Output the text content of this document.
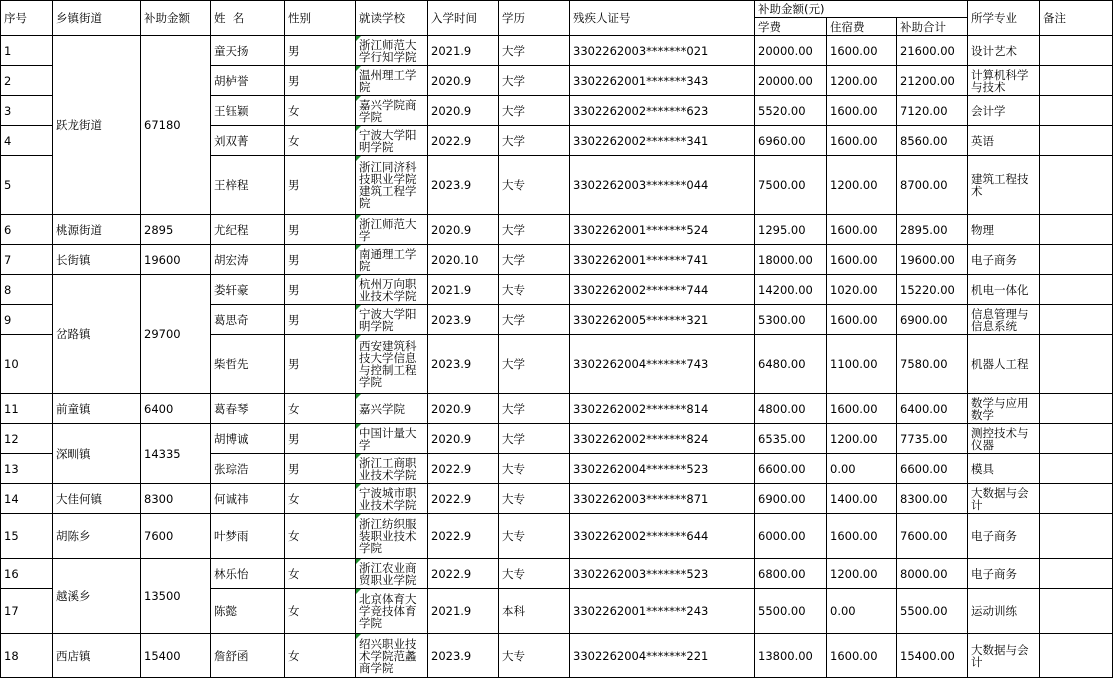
序号	乡镇街道	补助金额	姓  名	性别	就读学校	入学时间	学历	残疾人证号	补助金额(元)			所学专业	备注
									学费	住宿费	补助合计		
1	跃龙街道	67180	童天扬	男	浙江师范大学行知学院	2021.9	大学	3302262003*******021	20000.00	1600.00	21600.00	设计艺术	
2			胡栌誉	男	温州理工学院	2020.9	大学	3302262001*******343	20000.00	1200.00	21200.00	计算机科学与技术	
3			王钰颖	女	嘉兴学院商学院	2020.9	大学	3302262002*******623	5520.00	1600.00	7120.00	会计学	
4			刘双菁	女	宁波大学阳明学院	2022.9	大学	3302262002*******341	6960.00	1600.00	8560.00	英语	
5			王梓程	男	浙江同济科技职业学院建筑工程学院	2023.9	大专	3302262003*******044	7500.00	1200.00	8700.00	建筑工程技术	
6	桃源街道	2895	尤纪程	男	浙江师范大学	2020.9	大学	3302262001*******524	1295.00	1600.00	2895.00	物理	
7	长街镇	19600	胡宏涛	男	南通理工学院	2020.10	大学	3302262001*******741	18000.00	1600.00	19600.00	电子商务	
8	岔路镇	29700	娄轩豪	男	杭州万向职业技术学院	2021.9	大专	3302262002*******744	14200.00	1020.00	15220.00	机电一体化	
9			葛思奇	男	宁波大学阳明学院	2023.9	大学	3302262005*******321	5300.00	1600.00	6900.00	信息管理与信息系统	
10			柴哲先	男	西安建筑科技大学信息与控制工程学院	2023.9	大学	3302262004*******743	6480.00	1100.00	7580.00	机器人工程	
11	前童镇	6400	葛春琴	女	嘉兴学院	2020.9	大学	3302262002*******814	4800.00	1600.00	6400.00	数学与应用数学	
12	深甽镇	14335	胡博诚	男	中国计量大学	2020.9	大学	3302262002*******824	6535.00	1200.00	7735.00	测控技术与仪器	
13			张琮浩	男	浙江工商职业技术学院	2022.9	大专	3302262004*******523	6600.00	0.00	6600.00	模具	
14	大佳何镇	8300	何诚祎	女	宁波城市职业技术学院	2022.9	大专	3302262003*******871	6900.00	1400.00	8300.00	大数据与会计	
15	胡陈乡	7600	叶梦雨	女	浙江纺织服装职业技术学院	2022.9	大专	3302262002*******644	6000.00	1600.00	7600.00	电子商务	
16	越溪乡	13500	林乐怡	女	浙江农业商贸职业学院	2022.9	大专	3302262003*******523	6800.00	1200.00	8000.00	电子商务	
17			陈懿	女	北京体育大学竞技体育学院	2021.9	本科	3302262001*******243	5500.00	0.00	5500.00	运动训练	
18	西店镇	15400	詹舒函	女	绍兴职业技术学院范蠡商学院	2023.9	大专	3302262004*******221	13800.00	1600.00	15400.00	大数据与会计	
